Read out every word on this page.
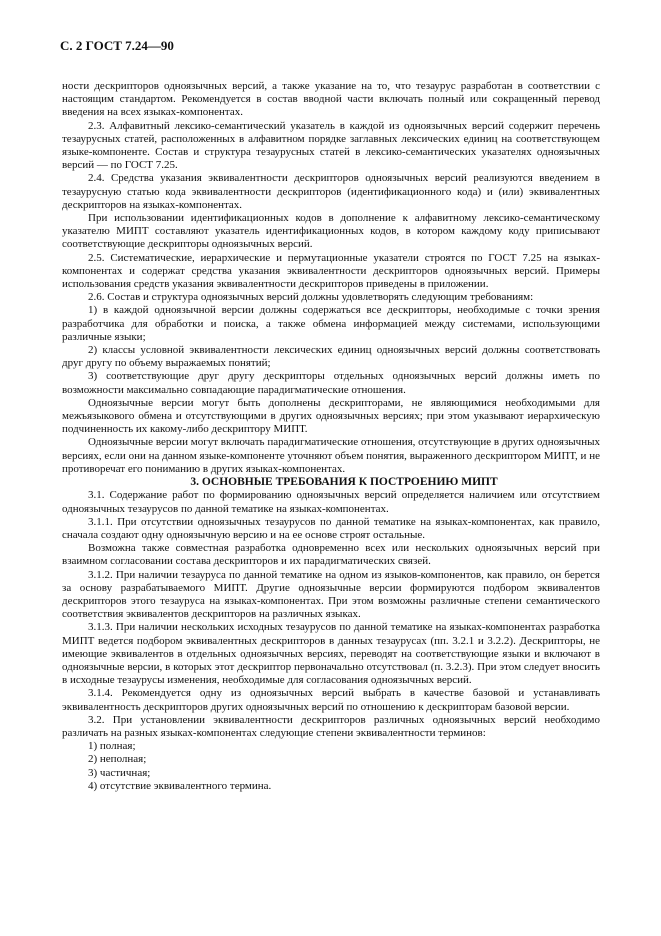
С. 2 ГОСТ 7.24—90

ности дескрипторов одноязычных версий, а также указание на то, что тезаурус разработан в соответствии с настоящим стандартом. Рекомендуется в состав вводной части включать полный или сокращенный перевод введения на всех языках-компонентах.

2.3. Алфавитный лексико-семантический указатель в каждой из одноязычных версий содержит перечень тезаурусных статей, расположенных в алфавитном порядке заглавных лексических единиц на соответствующем языке-компоненте. Состав и структура тезаурусных статей в лексико-семантических указателях одноязычных версий — по ГОСТ 7.25.

2.4. Средства указания эквивалентности дескрипторов одноязычных версий реализуются введением в тезаурусную статью кода эквивалентности дескрипторов (идентификационного кода) и (или) эквивалентных дескрипторов на языках-компонентах.

При использовании идентификационных кодов в дополнение к алфавитному лексико-семантическому указателю МИПТ составляют указатель идентификационных кодов, в котором каждому коду приписывают соответствующие дескрипторы одноязычных версий.

2.5. Систематические, иерархические и пермутационные указатели строятся по ГОСТ 7.25 на языках-компонентах и содержат средства указания эквивалентности дескрипторов одноязычных версий. Примеры использования средств указания эквивалентности дескрипторов приведены в приложении.

2.6. Состав и структура одноязычных версий должны удовлетворять следующим требованиям:

1) в каждой одноязычной версии должны содержаться все дескрипторы, необходимые с точки зрения разработчика для обработки и поиска, а также обмена информацией между системами, использующими различные языки;

2) классы условной эквивалентности лексических единиц одноязычных версий должны соответствовать друг другу по объему выражаемых понятий;

3) соответствующие друг другу дескрипторы отдельных одноязычных версий должны иметь по возможности максимально совпадающие парадигматические отношения.

Одноязычные версии могут быть дополнены дескрипторами, не являющимися необходимыми для межъязыкового обмена и отсутствующими в других одноязычных версиях; при этом указывают иерархическую подчиненность их какому-либо дескриптору МИПТ.

Одноязычные версии могут включать парадигматические отношения, отсутствующие в других одноязычных версиях, если они на данном языке-компоненте уточняют объем понятия, выраженного дескриптором МИПТ, и не противоречат его пониманию в других языках-компонентах.

3. ОСНОВНЫЕ ТРЕБОВАНИЯ К ПОСТРОЕНИЮ МИПТ

3.1. Содержание работ по формированию одноязычных версий определяется наличием или отсутствием одноязычных тезаурусов по данной тематике на языках-компонентах.

3.1.1. При отсутствии одноязычных тезаурусов по данной тематике на языках-компонентах, как правило, сначала создают одну одноязычную версию и на ее основе строят остальные.

Возможна также совместная разработка одновременно всех или нескольких одноязычных версий при взаимном согласовании состава дескрипторов и их парадигматических связей.

3.1.2. При наличии тезауруса по данной тематике на одном из языков-компонентов, как правило, он берется за основу разрабатываемого МИПТ. Другие одноязычные версии формируются подбором эквивалентов дескрипторов этого тезауруса на языках-компонентах. При этом возможны различные степени семантического соответствия эквивалентов дескрипторов на различных языках.

3.1.3. При наличии нескольких исходных тезаурусов по данной тематике на языках-компонентах разработка МИПТ ведется подбором эквивалентных дескрипторов в данных тезаурусах (пп. 3.2.1 и 3.2.2). Дескрипторы, не имеющие эквивалентов в отдельных одноязычных версиях, переводят на соответствующие языки и включают в одноязычные версии, в которых этот дескриптор первоначально отсутствовал (п. 3.2.3). При этом следует вносить в исходные тезаурусы изменения, необходимые для согласования одноязычных версий.

3.1.4. Рекомендуется одну из одноязычных версий выбрать в качестве базовой и устанавливать эквивалентность дескрипторов других одноязычных версий по отношению к дескрипторам базовой версии.

3.2. При установлении эквивалентности дескрипторов различных одноязычных версий необходимо различать на разных языках-компонентах следующие степени эквивалентности терминов:

1) полная;

2) неполная;

3) частичная;

4) отсутствие эквивалентного термина.
